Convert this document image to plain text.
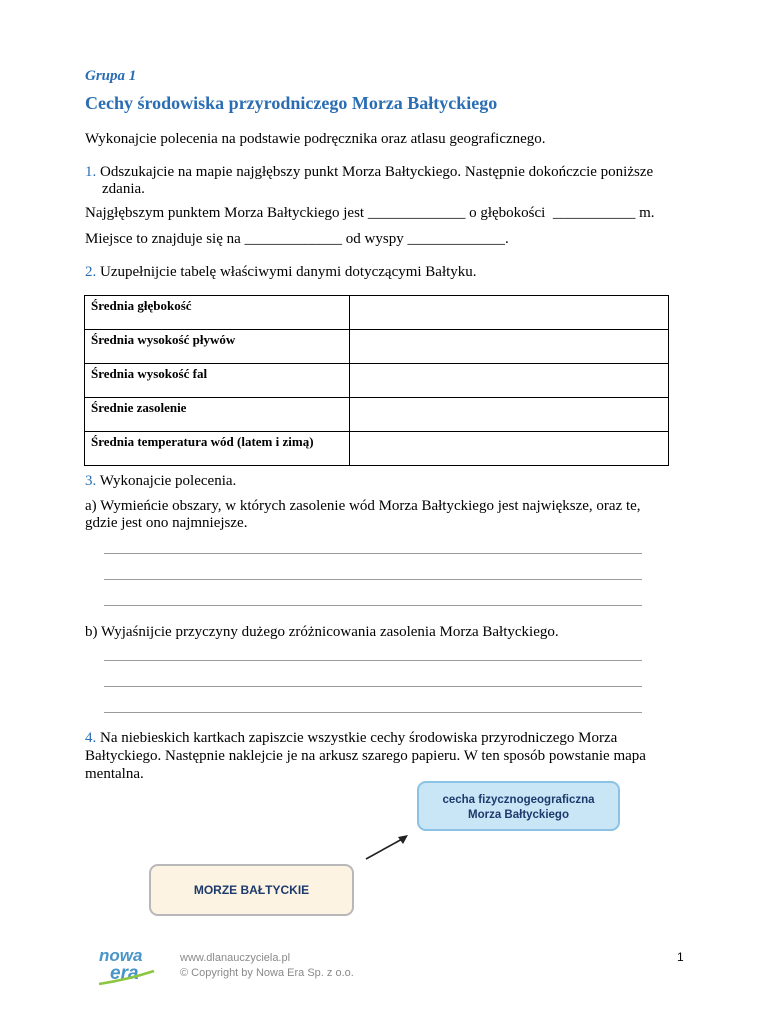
Grupa 1
Cechy środowiska przyrodniczego Morza Bałtyckiego
Wykonajcie polecenia na podstawie podręcznika oraz atlasu geograficznego.
1. Odszukajcie na mapie najgłębszy punkt Morza Bałtyckiego. Następnie dokończcie poniższe
zdania.
Najgłębszym punktem Morza Bałtyckiego jest _____________ o głębokości ___________ m.
Miejsce to znajduje się na _____________ od wyspy _____________.
2. Uzupełnijcie tabelę właściwymi danymi dotyczącymi Bałtyku.
Średnia głębokość	
Średnia wysokość pływów	
Średnia wysokość fal	
Średnie zasolenie	
Średnia temperatura wód (latem i zimą)	
3. Wykonajcie polecenia.
a) Wymieńcie obszary, w których zasolenie wód Morza Bałtyckiego jest największe, oraz te,
gdzie jest ono najmniejsze.
b) Wyjaśnijcie przyczyny dużego zróżnicowania zasolenia Morza Bałtyckiego.
4. Na niebieskich kartkach zapiszcie wszystkie cechy środowiska przyrodniczego Morza
Bałtyckiego. Następnie naklejcie je na arkusz szarego papieru. W ten sposób powstanie mapa
mentalna.
cecha fizycznogeograficzna
Morza Bałtyckiego
MORZE BAŁTYCKIE
nowa
era
www.dlanauczyciela.pl
© Copyright by Nowa Era Sp. z o.o.
1
